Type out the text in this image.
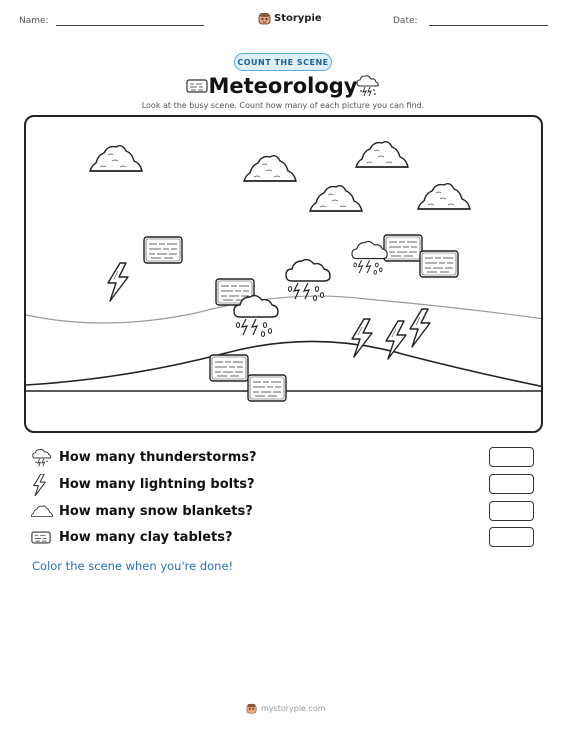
Name:	Storypie	Date:
COUNT THE SCENE
Meteorology
Look at the busy scene. Count how many of each picture you can find.
How many thunderstorms?
How many lightning bolts?
How many snow blankets?
How many clay tablets?
Color the scene when you're done!
mystorypie.com
